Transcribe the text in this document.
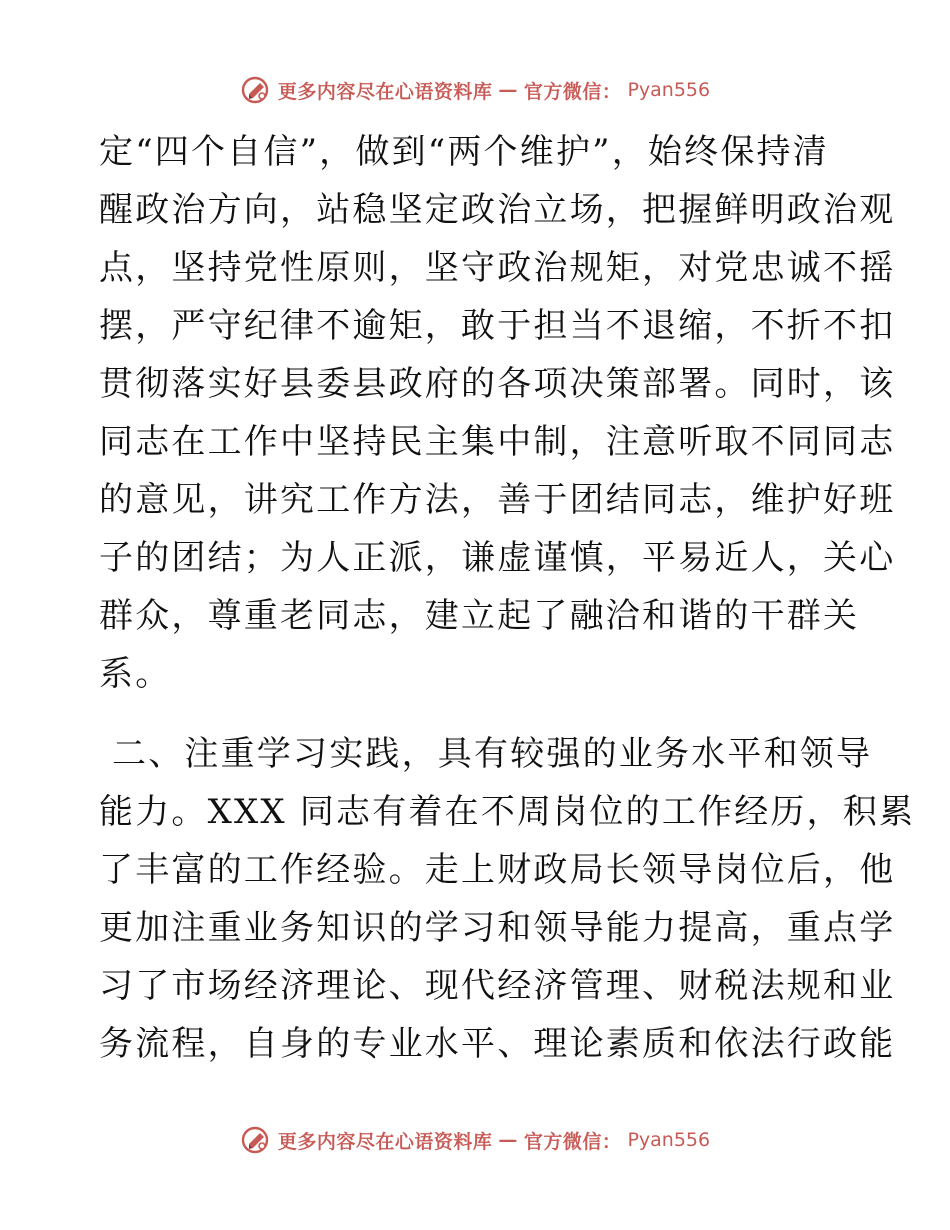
更多内容尽在心语资料库 — 官方微信： Pyan556
定“四个自信”，做到“两个维护”，始终保持清
醒政治方向，站稳坚定政治立场，把握鲜明政治观
点，坚持党性原则，坚守政治规矩，对党忠诚不摇
摆，严守纪律不逾矩，敢于担当不退缩，不折不扣
贯彻落实好县委县政府的各项决策部署。同时，该
同志在工作中坚持民主集中制，注意听取不同同志
的意见，讲究工作方法，善于团结同志，维护好班
子的团结；为人正派，谦虚谨慎，平易近人，关心
群众，尊重老同志，建立起了融洽和谐的干群关
系。
二、注重学习实践，具有较强的业务水平和领导
能力。XXX 同志有着在不周岗位的工作经历，积累
了丰富的工作经验。走上财政局长领导岗位后，他
更加注重业务知识的学习和领导能力提高，重点学
习了市场经济理论、现代经济管理、财税法规和业
务流程，自身的专业水平、理论素质和依法行政能
更多内容尽在心语资料库 — 官方微信： Pyan556
